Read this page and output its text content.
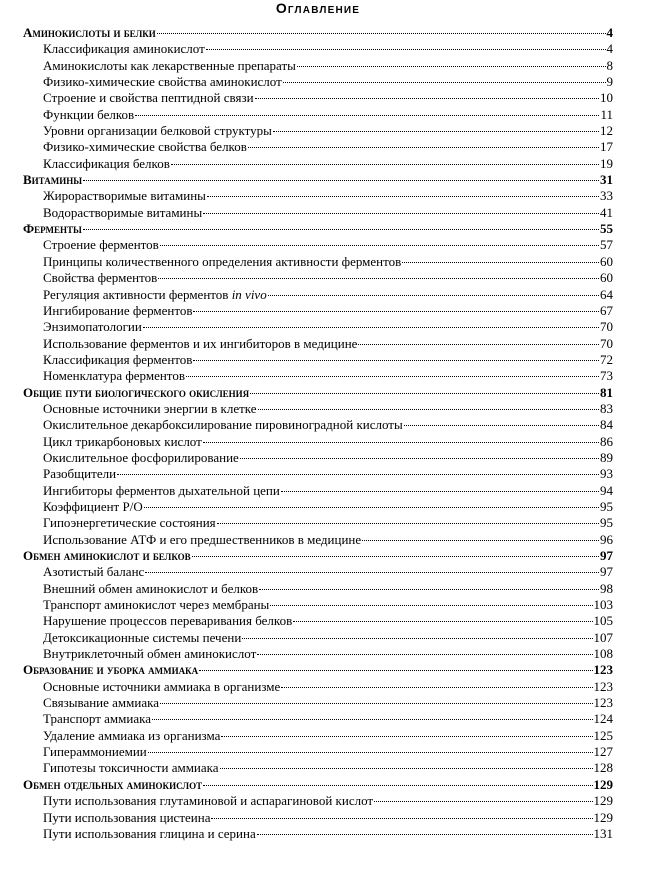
Оглавление
Аминокислоты и белки	4
Классификация аминокислот	4
Аминокислоты как лекарственные препараты	8
Физико-химические свойства аминокислот	9
Строение и свойства пептидной связи	10
Функции белков	11
Уровни организации белковой структуры	12
Физико-химические свойства белков	17
Классификация белков	19
Витамины	31
Жирорастворимые витамины	33
Водорастворимые витамины	41
Ферменты	55
Строение ферментов	57
Принципы количественного определения активности ферментов	60
Свойства ферментов	60
Регуляция активности ферментов in vivo	64
Ингибирование ферментов	67
Энзимопатологии	70
Использование ферментов и их ингибиторов в медицине	70
Классификация ферментов	72
Номенклатура ферментов	73
Общие пути биологического окисления	81
Основные источники энергии в клетке	83
Окислительное декарбоксилирование пировиноградной кислоты	84
Цикл трикарбоновых кислот	86
Окислительное фосфорилирование	89
Разобщители	93
Ингибиторы ферментов дыхательной цепи	94
Коэффициент Р/О	95
Гипоэнергетические состояния	95
Использование АТФ и его предшественников в медицине	96
Обмен аминокислот и белков	97
Азотистый баланс	97
Внешний обмен аминокислот и белков	98
Транспорт аминокислот через мембраны	103
Нарушение процессов переваривания белков	105
Детоксикационные системы печени	107
Внутриклеточный обмен аминокислот	108
Образование и уборка аммиака	123
Основные источники аммиака в организме	123
Связывание аммиака	123
Транспорт аммиака	124
Удаление аммиака из организма	125
Гипераммониемии	127
Гипотезы токсичности аммиака	128
Обмен отдельных аминокислот	129
Пути использования глутаминовой и аспарагиновой кислот	129
Пути использования цистеина	129
Пути использования глицина и серина	131
